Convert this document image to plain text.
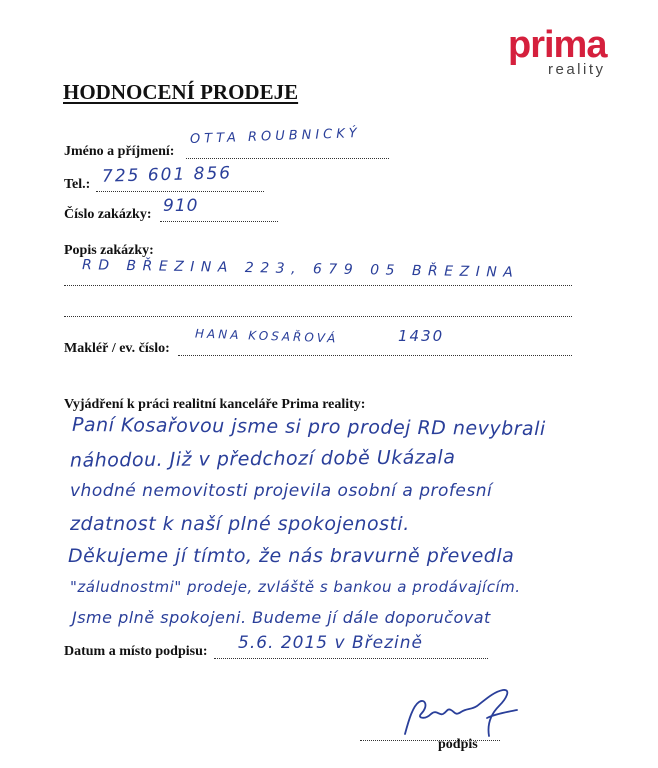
prima
reality
HODNOCENÍ PRODEJE
Jméno a příjmení:
OTTA ROUBNICKÝ
Tel.: 725 601 856
Číslo zakázky: 910
Popis zakázky:
RD BŘEZINA 223, 679 05 BŘEZINA
Makléř / ev. číslo:
HANA KOSAŘOVÁ	1430
Vyjádření k práci realitní kanceláře Prima reality:
Paní Kosařovou jsme si pro prodej RD nevybrali
náhodou. Již v předchozí době Ukázala
vhodné nemovitosti projevila osobní a profesní
zdatnost k naší plné spokojenosti.
Děkujeme jí tímto, že nás bravurně převedla
"záludnostmi" prodeje, zvláště s bankou a prodávajícím.
Jsme plně spokojeni. Budeme jí dále doporučovat
Datum a místo podpisu: 5.6. 2015 v Březině
podpis
